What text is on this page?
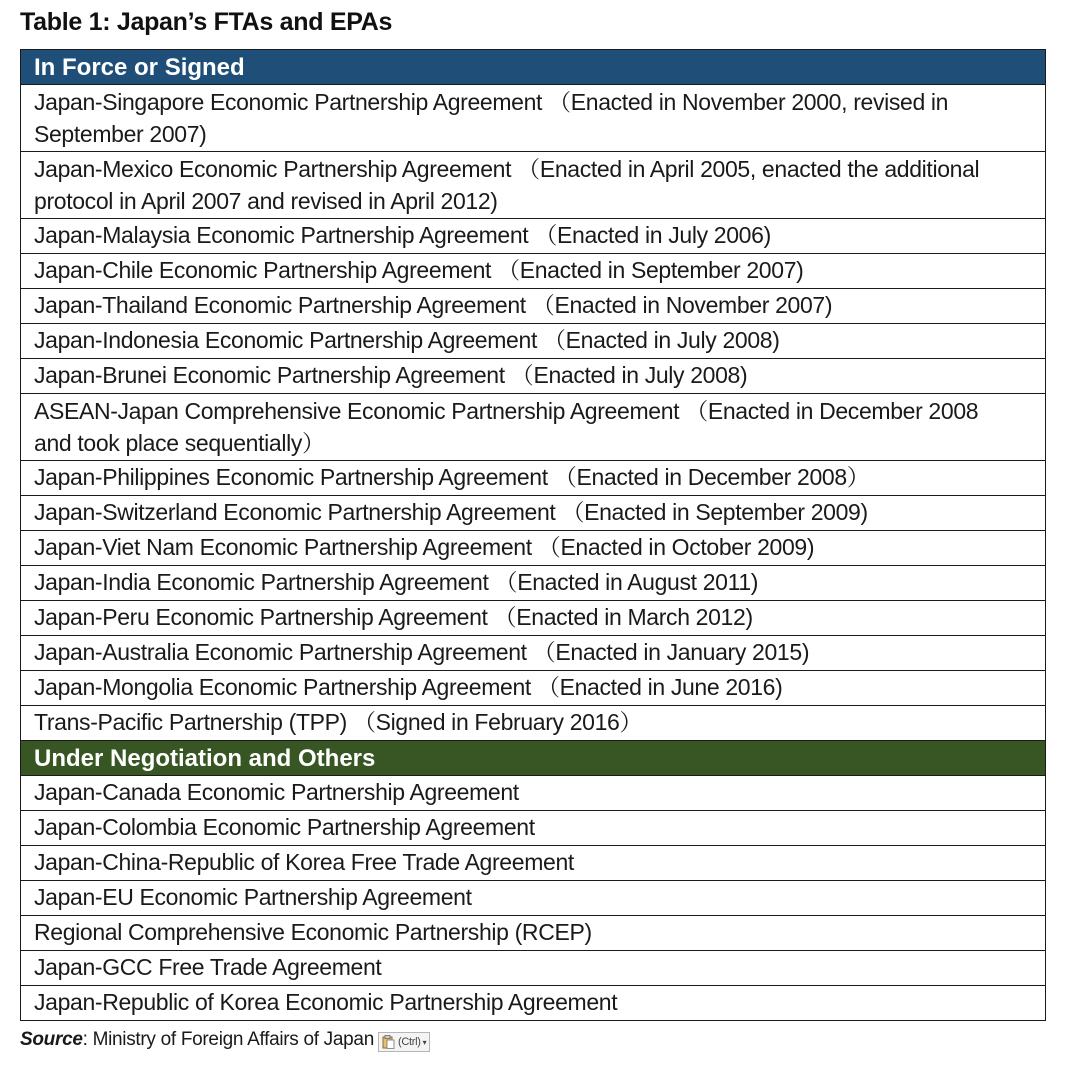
Table 1: Japan’s FTAs and EPAs
In Force or Signed
Japan-Singapore Economic Partnership Agreement （Enacted in November 2000, revised in September 2007)
Japan-Mexico Economic Partnership Agreement （Enacted in April 2005, enacted the additional protocol in April 2007 and revised in April 2012)
Japan-Malaysia Economic Partnership Agreement （Enacted in July 2006)
Japan-Chile Economic Partnership Agreement （Enacted in September 2007)
Japan-Thailand Economic Partnership Agreement （Enacted in November 2007)
Japan-Indonesia Economic Partnership Agreement （Enacted in July 2008)
Japan-Brunei Economic Partnership Agreement （Enacted in July 2008)
ASEAN-Japan Comprehensive Economic Partnership Agreement （Enacted in December 2008 and took place sequentially）
Japan-Philippines Economic Partnership Agreement （Enacted in December 2008）
Japan-Switzerland Economic Partnership Agreement （Enacted in September 2009)
Japan-Viet Nam Economic Partnership Agreement （Enacted in October 2009)
Japan-India Economic Partnership Agreement （Enacted in August 2011)
Japan-Peru Economic Partnership Agreement （Enacted in March 2012)
Japan-Australia Economic Partnership Agreement （Enacted in January 2015)
Japan-Mongolia Economic Partnership Agreement （Enacted in June 2016)
Trans-Pacific Partnership (TPP) （Signed in February 2016）
Under Negotiation and Others
Japan-Canada Economic Partnership Agreement
Japan-Colombia Economic Partnership Agreement
Japan-China-Republic of Korea Free Trade Agreement
Japan-EU Economic Partnership Agreement
Regional Comprehensive Economic Partnership (RCEP)
Japan-GCC Free Trade Agreement
Japan-Republic of Korea Economic Partnership Agreement
Source : Ministry of Foreign Affairs of Japan (Ctrl) ▾
